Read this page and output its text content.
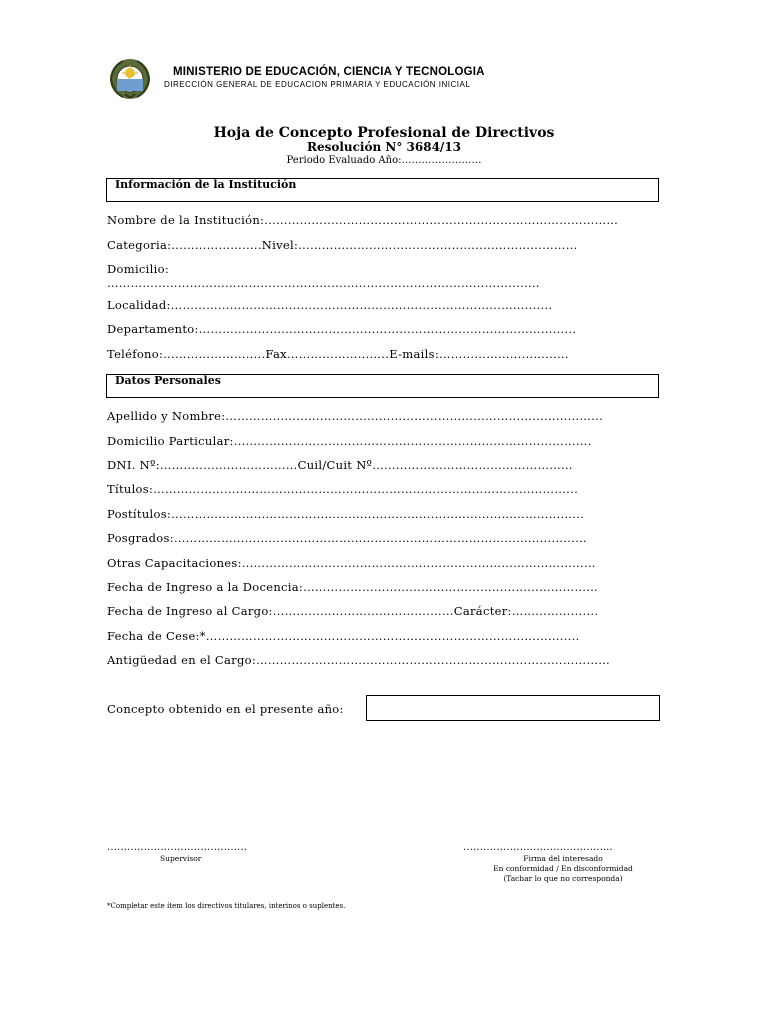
MINISTERIO DE EDUCACIÓN, CIENCIA Y TECNOLOGIA
DIRECCIÓN GENERAL DE EDUCACION PRIMARIA Y EDUCACIÓN INICIAL
Hoja de Concepto Profesional de Directivos
Resolución N° 3684/13
Periodo Evaluado Año:……………………
Información de la Institución
Nombre de la Institución:………………………………………………………………………………
Categoria:…………………..Nivel:………………………………………..……………………
Domicilio:
…………………………………………………………………………………………........
Localidad:……………………………………………………………………………….......
Departamento:…………………………………………………………………………………...
Teléfono:……………………..Fax……………………..E-mails:……………………………
Datos Personales
Apellido y Nombre:…………………………………………………………………………………...
Domicilio Particular:……………………………………………………………………………….
DNI. Nº:……..………………………Cuil/Cuit Nº……………………………………………
Títulos:……………………………………………………………………………………………...
Postítulos:…………………………………………………………………………………………...
Posgrados:……………………………………………………………………………………………
Otras Capacitaciones:………………………………………………………………………………
Fecha de Ingreso a la Docencia:…………………………………………………………………
Fecha de Ingreso al Cargo:...……………………………….……Carácter:………………....
Fecha de Cese:*……………………………………………………………………………….....
Antigüedad en el Cargo:………………………………………………………………………………
Concepto obtenido en el presente año:
……………………………………
Supervisor
……………………………………...
Firma del interesado
En conformidad / En disconformidad
(Tachar lo que no corresponda)
*Completar este ítem los directivos titulares, interinos o suplentes.
